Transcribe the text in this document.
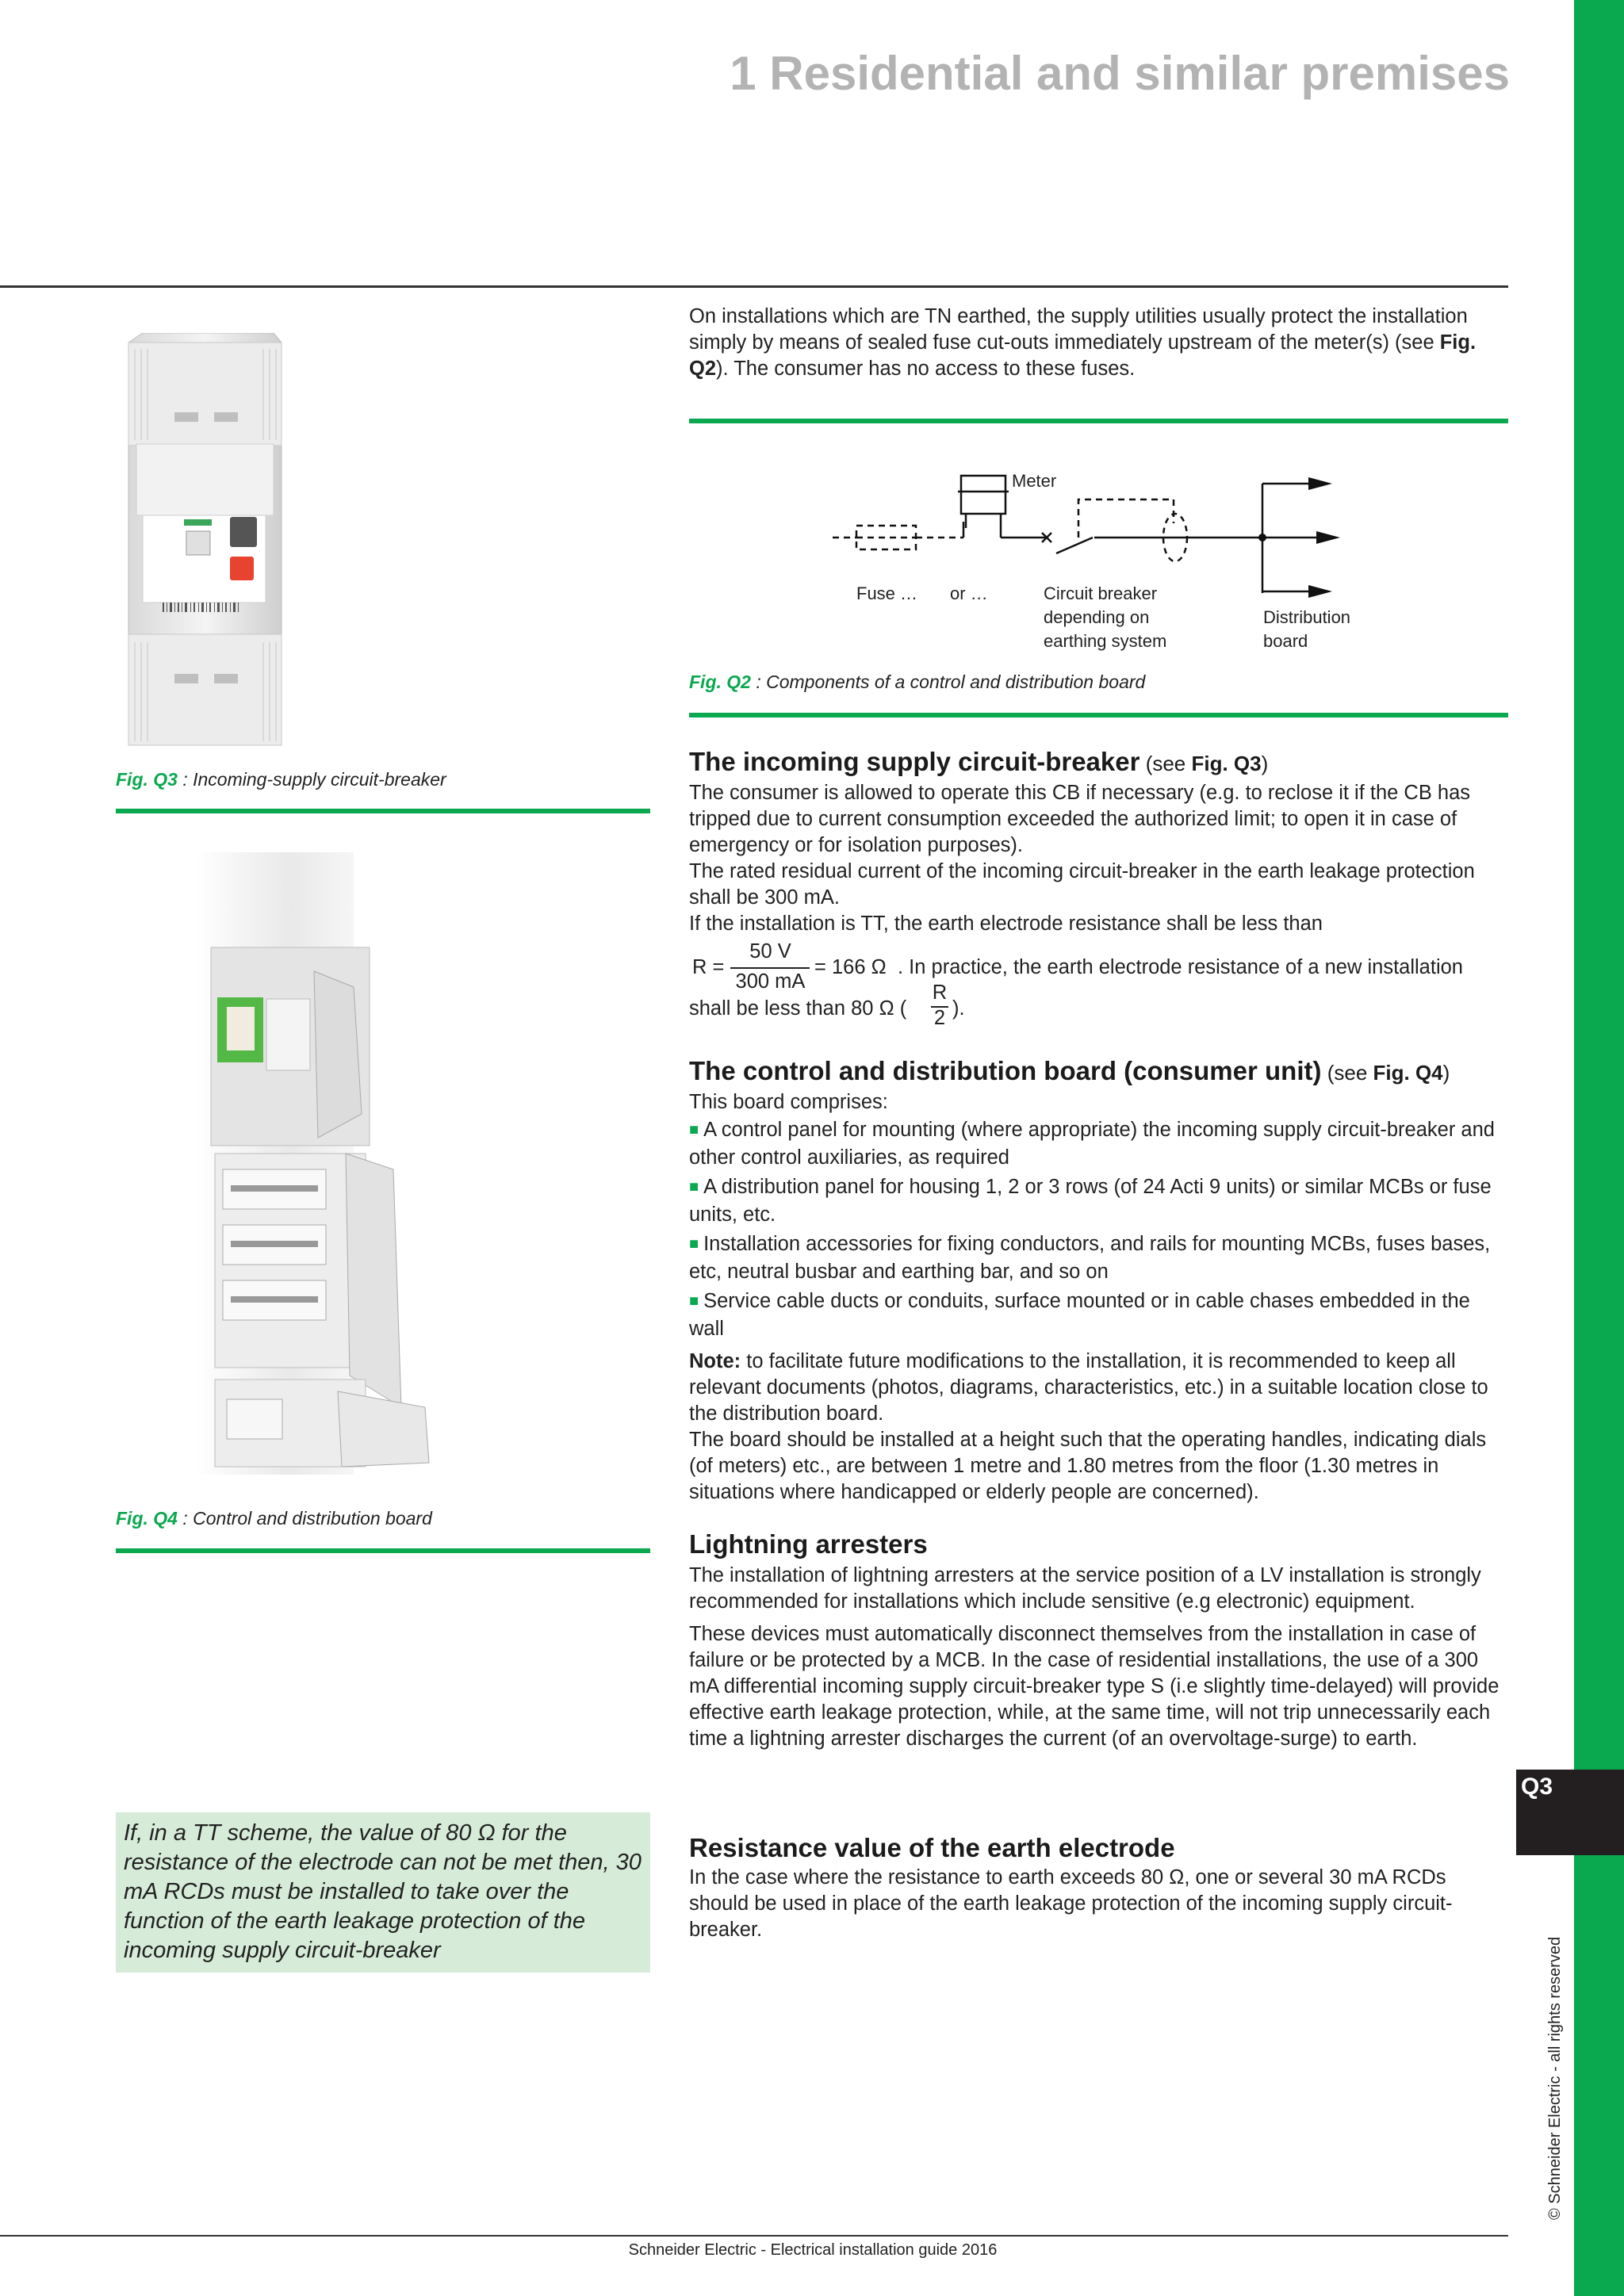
Q3
© Schneider Electric - all rights reserved
1 Residential and similar premises
Fig. Q3 : Incoming-supply circuit-breaker
Fig. Q4 : Control and distribution board
If, in a TT scheme, the value of 80 Ω for the resistance of the electrode can not be met then, 30 mA RCDs must be installed to take over the function of the earth leakage protection of the incoming supply circuit-breaker

On installations which are TN earthed, the supply utilities usually protect the installation simply by means of sealed fuse cut-outs immediately upstream of the meter(s) (see Fig. Q2). The consumer has no access to these fuses.

Meter
Fuse … or …	Circuit breaker
depending on
earthing system
Distribution
board
Fig. Q2 : Components of a control and distribution board
The incoming supply circuit-breaker (see Fig. Q3)

The consumer is allowed to operate this CB if necessary (e.g. to reclose it if the CB has tripped due to current consumption exceeded the authorized limit; to open it in case of emergency or for isolation purposes).

The rated residual current of the incoming circuit-breaker in the earth leakage protection shall be 300 mA.

If the installation is TT, the earth electrode resistance shall be less than

R =
50 V
300 mA
= 166 Ω . In practice, the earth electrode resistance of a new installation
shall be less than 80 Ω (
R
2 ).
The control and distribution board (consumer unit) (see Fig. Q4)

This board comprises:

■ A control panel for mounting (where appropriate) the incoming supply circuit-breaker and other control auxiliaries, as required

■ A distribution panel for housing 1, 2 or 3 rows (of 24 Acti 9 units) or similar MCBs or fuse units, etc.

■ Installation accessories for fixing conductors, and rails for mounting MCBs, fuses bases, etc, neutral busbar and earthing bar, and so on

■ Service cable ducts or conduits, surface mounted or in cable chases embedded in the wall

Note: to facilitate future modifications to the installation, it is recommended to keep all relevant documents (photos, diagrams, characteristics, etc.) in a suitable location close to the distribution board.

The board should be installed at a height such that the operating handles, indicating dials (of meters) etc., are between 1 metre and 1.80 metres from the floor (1.30 metres in situations where handicapped or elderly people are concerned).

Lightning arresters

The installation of lightning arresters at the service position of a LV installation is strongly recommended for installations which include sensitive (e.g electronic) equipment.

These devices must automatically disconnect themselves from the installation in case of failure or be protected by a MCB. In the case of residential installations, the use of a 300 mA differential incoming supply circuit-breaker type S (i.e slightly time-delayed) will provide effective earth leakage protection, while, at the same time, will not trip unnecessarily each time a lightning arrester discharges the current (of an overvoltage-surge) to earth.

Resistance value of the earth electrode

In the case where the resistance to earth exceeds 80 Ω, one or several 30 mA RCDs should be used in place of the earth leakage protection of the incoming supply circuit-breaker.

Schneider Electric - Electrical installation guide 2016
